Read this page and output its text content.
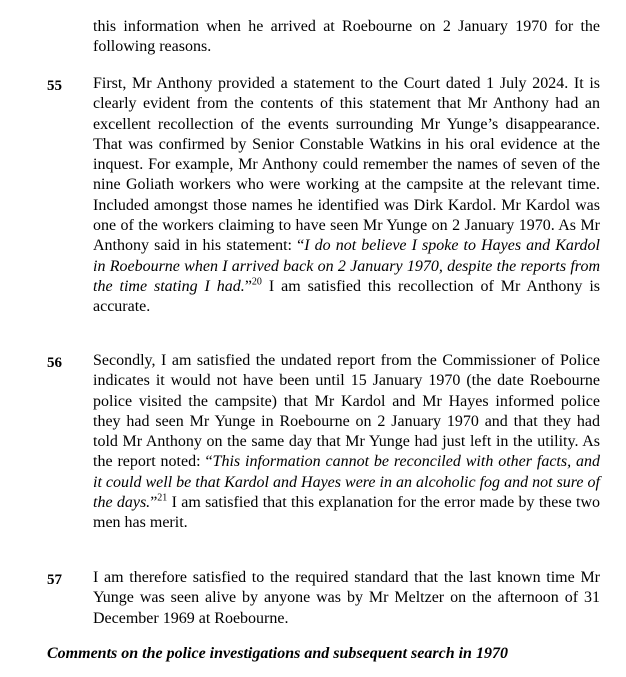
this information when he arrived at Roebourne on 2 January 1970 for the following reasons.

55 First, Mr Anthony provided a statement to the Court dated 1 July 2024. It is clearly evident from the contents of this statement that Mr Anthony had an excellent recollection of the events surrounding Mr Yunge’s disappearance. That was confirmed by Senior Constable Watkins in his oral evidence at the inquest. For example, Mr Anthony could remember the names of seven of the nine Goliath workers who were working at the campsite at the relevant time. Included amongst those names he identified was Dirk Kardol. Mr Kardol was one of the workers claiming to have seen Mr Yunge on 2 January 1970. As Mr Anthony said in his statement: “I do not believe I spoke to Hayes and Kardol in Roebourne when I arrived back on 2 January 1970, despite the reports from the time stating I had.”$^{20}$ I am satisfied this recollection of Mr Anthony is accurate.

56 Secondly, I am satisfied the undated report from the Commissioner of Police indicates it would not have been until 15 January 1970 (the date Roebourne police visited the campsite) that Mr Kardol and Mr Hayes informed police they had seen Mr Yunge in Roebourne on 2 January 1970 and that they had told Mr Anthony on the same day that Mr Yunge had just left in the utility. As the report noted: “This information cannot be reconciled with other facts, and it could well be that Kardol and Hayes were in an alcoholic fog and not sure of the days.”$^{21}$ I am satisfied that this explanation for the error made by these two men has merit.

57 I am therefore satisfied to the required standard that the last known time Mr Yunge was seen alive by anyone was by Mr Meltzer on the afternoon of 31 December 1969 at Roebourne.

Comments on the police investigations and subsequent search in 1970
